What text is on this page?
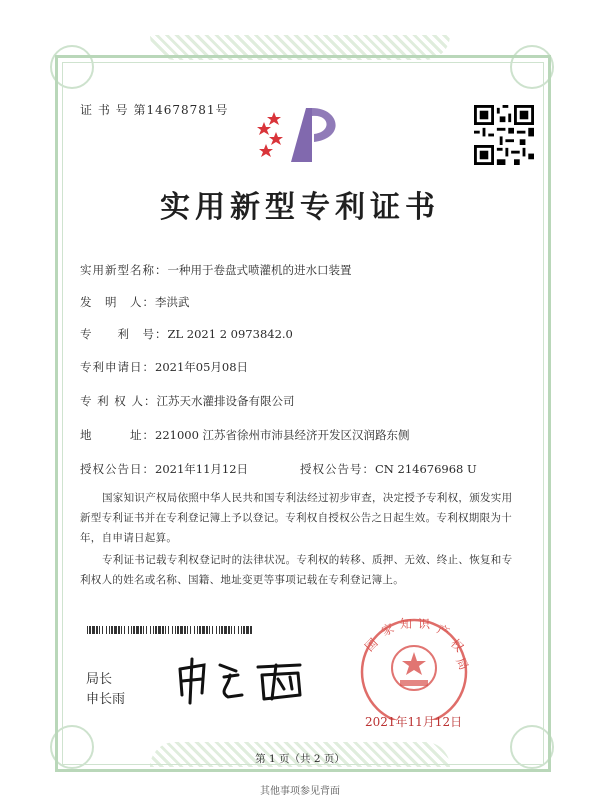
证 书 号 第14678781号
实用新型专利证书
实用新型名称：一种用于卷盘式喷灌机的进水口装置
发　明　人：李洪武
专　　利　号：ZL 2021 2 0973842.0
专利申请日：2021年05月08日
专 利 权 人：江苏天水灌排设备有限公司
地　　　址：221000 江苏省徐州市沛县经济开发区汉润路东侧
授权公告日：2021年11月12日	授权公告号：CN 214676968 U
国家知识产权局依照中华人民共和国专利法经过初步审查，决定授予专利权，颁发实用新型专利证书并在专利登记簿上予以登记。专利权自授权公告之日起生效。专利权期限为十年，自申请日起算。
专利证书记载专利权登记时的法律状况。专利权的转移、质押、无效、终止、恢复和专利权人的姓名或名称、国籍、地址变更等事项记载在专利登记簿上。
局长
申长雨
国
家 知 识 产
权
局
2021年11月12日
第 1 页（共 2 页）
其他事项参见背面
